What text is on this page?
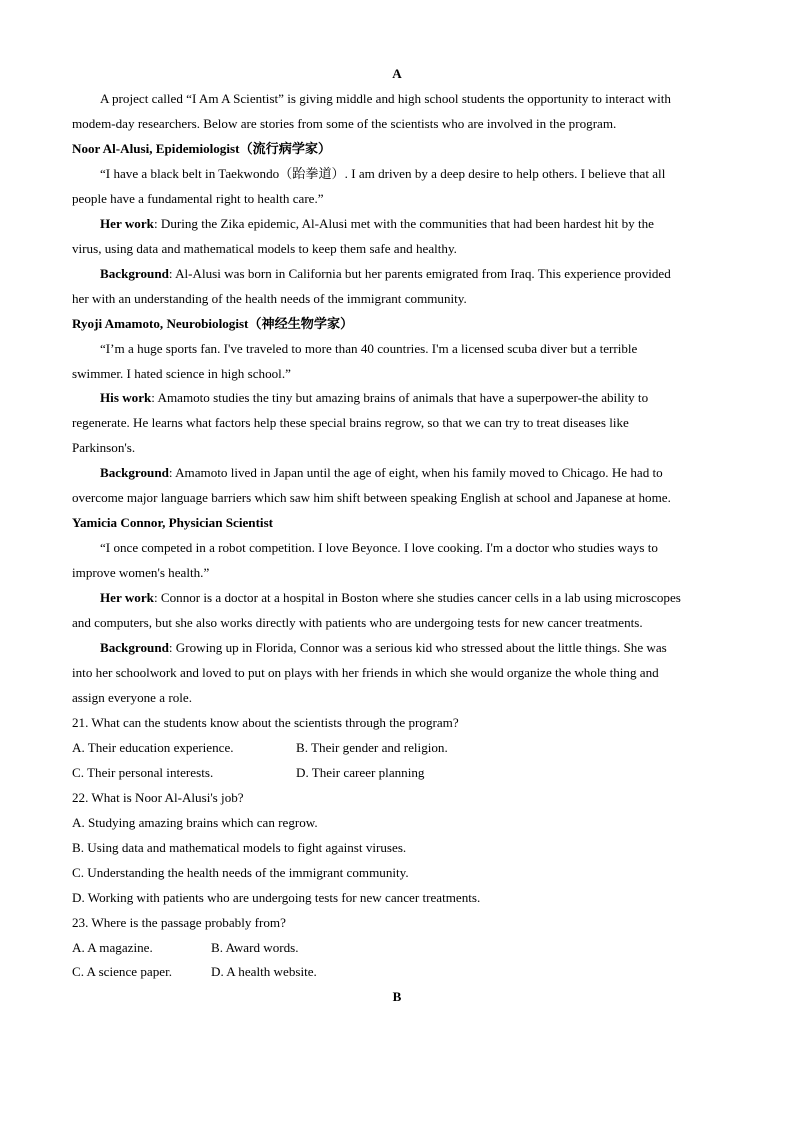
A
A project called “I Am A Scientist” is giving middle and high school students the opportunity to interact with
modem-day researchers. Below are stories from some of the scientists who are involved in the program.
Noor Al-Alusi, Epidemiologist（流行病学家）
“I have a black belt in Taekwondo（跆拳道）. I am driven by a deep desire to help others. I believe that all
people have a fundamental right to health care.”
Her work: During the Zika epidemic, Al-Alusi met with the communities that had been hardest hit by the
virus, using data and mathematical models to keep them safe and healthy.
Background: Al-Alusi was born in California but her parents emigrated from Iraq. This experience provided
her with an understanding of the health needs of the immigrant community.
Ryoji Amamoto, Neurobiologist（神经生物学家）
“I’m a huge sports fan. I've traveled to more than 40 countries. I'm a licensed scuba diver but a terrible
swimmer. I hated science in high school.”
His work: Amamoto studies the tiny but amazing brains of animals that have a superpower-the ability to
regenerate. He learns what factors help these special brains regrow, so that we can try to treat diseases like
Parkinson's.
Background: Amamoto lived in Japan until the age of eight, when his family moved to Chicago. He had to
overcome major language barriers which saw him shift between speaking English at school and Japanese at home.
Yamicia Connor, Physician Scientist
“I once competed in a robot competition. I love Beyonce. I love cooking. I'm a doctor who studies ways to
improve women's health.”
Her work: Connor is a doctor at a hospital in Boston where she studies cancer cells in a lab using microscopes
and computers, but she also works directly with patients who are undergoing tests for new cancer treatments.
Background: Growing up in Florida, Connor was a serious kid who stressed about the little things. She was
into her schoolwork and loved to put on plays with her friends in which she would organize the whole thing and
assign everyone a role.
21. What can the students know about the scientists through the program?
A. Their education experience.	B. Their gender and religion.
C. Their personal interests.	D. Their career planning
22. What is Noor Al-Alusi's job?
A. Studying amazing brains which can regrow.
B. Using data and mathematical models to fight against viruses.
C. Understanding the health needs of the immigrant community.
D. Working with patients who are undergoing tests for new cancer treatments.
23. Where is the passage probably from?
A. A magazine.	B. Award words.
C. A science paper.	D. A health website.
B
